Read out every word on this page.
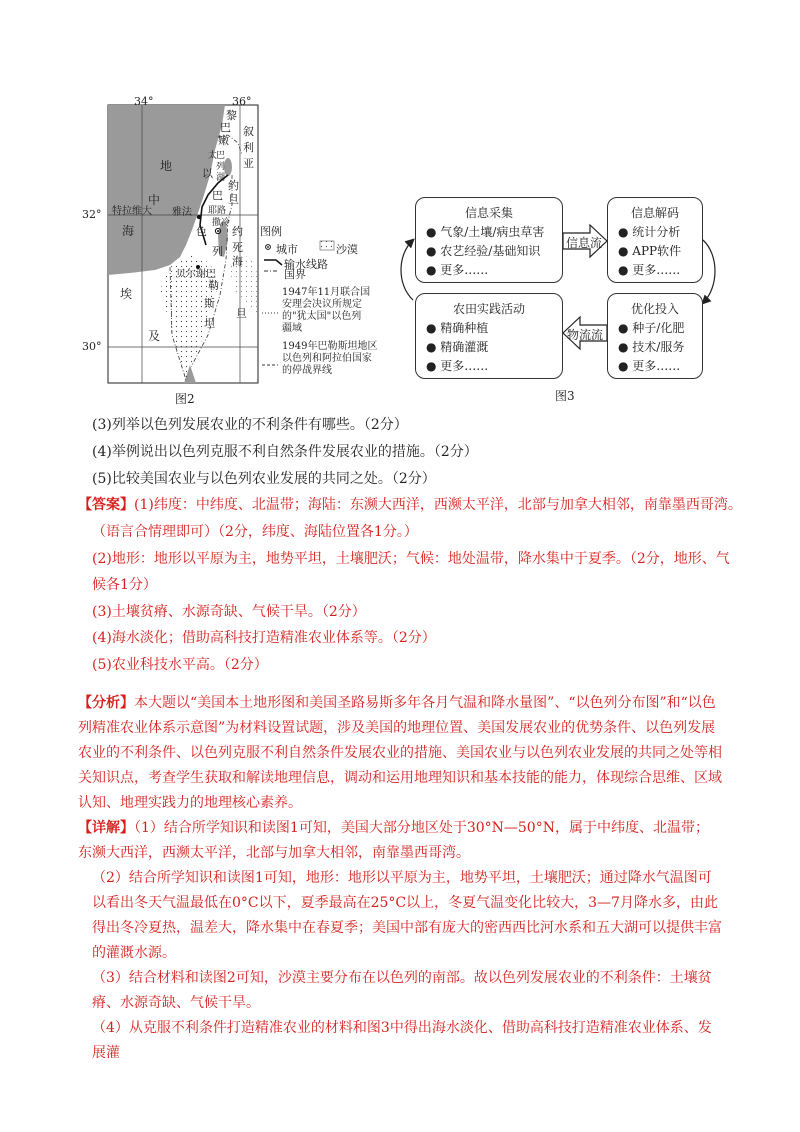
34°	36°
32°
30°
地
中
海
埃
及
黎
巴
嫩
叙
利
亚
太
巴
列
湖
以
约
旦
巴
耶 路
撒 冷
特拉维大 雅法
色
列
约
死
海
贝尔谢巴
勒
斯
坦
旦
图例
城市	沙漠
输水线路
国界
1947年11月联合国
安理会决议所规定
的"犹太国"以色列
疆域
1949年巴勒斯坦地区
以色列和阿拉伯国家
的停战界线
图2
信息采集
● 气象/土壤/病虫草害
● 农艺经验/基础知识
● 更多……
信息解码
● 统计分析
● APP软件
● 更多……
优化投入
● 种子/化肥
● 技术/服务
● 更多……
农田实践活动
● 精确种植
● 精确灌溉
● 更多……
信息流
物流流
图3
(3)列举以色列发展农业的不利条件有哪些。（2分）
(4)举例说出以色列克服不利自然条件发展农业的措施。（2分）
(5)比较美国农业与以色列农业发展的共同之处。（2分）
【答案】(1)纬度：中纬度、北温带；海陆：东濒大西洋，西濒太平洋，北部与加拿大相邻，南靠墨西哥湾。
（语言合情理即可）（2分，纬度、海陆位置各1分。）
(2)地形：地形以平原为主，地势平坦，土壤肥沃；气候：地处温带，降水集中于夏季。（2分，地形、气
候各1分）
(3)土壤贫瘠、水源奇缺、气候干旱。（2分）
(4)海水淡化；借助高科技打造精准农业体系等。（2分）
(5)农业科技水平高。（2分）
【分析】本大题以“美国本土地形图和美国圣路易斯多年各月气温和降水量图”、“以色列分布图”和“以色列精准农业体系示意图”为材料设置试题，涉及美国的地理位置、美国发展农业的优势条件、以色列发展农业的不利条件、以色列克服不利自然条件发展农业的措施、美国农业与以色列农业发展的共同之处等相关知识点，考查学生获取和解读地理信息，调动和运用地理知识和基本技能的能力，体现综合思维、区域认知、地理实践力的地理核心素养。
【详解】（1）结合所学知识和读图1可知，美国大部分地区处于30°N—50°N，属于中纬度、北温带；东濒大西洋，西濒太平洋，北部与加拿大相邻，南靠墨西哥湾。
（2）结合所学知识和读图1可知，地形：地形以平原为主，地势平坦，土壤肥沃；通过降水气温图可以看出冬天气温最低在0°C以下，夏季最高在25°C以上，冬夏气温变化比较大，3—7月降水多，由此得出冬冷夏热，温差大，降水集中在春夏季；美国中部有庞大的密西西比河水系和五大湖可以提供丰富的灌溉水源。
（3）结合材料和读图2可知，沙漠主要分布在以色列的南部。故以色列发展农业的不利条件：土壤贫瘠、水源奇缺、气候干旱。
（4）从克服不利条件打造精准农业的材料和图3中得出海水淡化、借助高科技打造精准农业体系、发展灌
